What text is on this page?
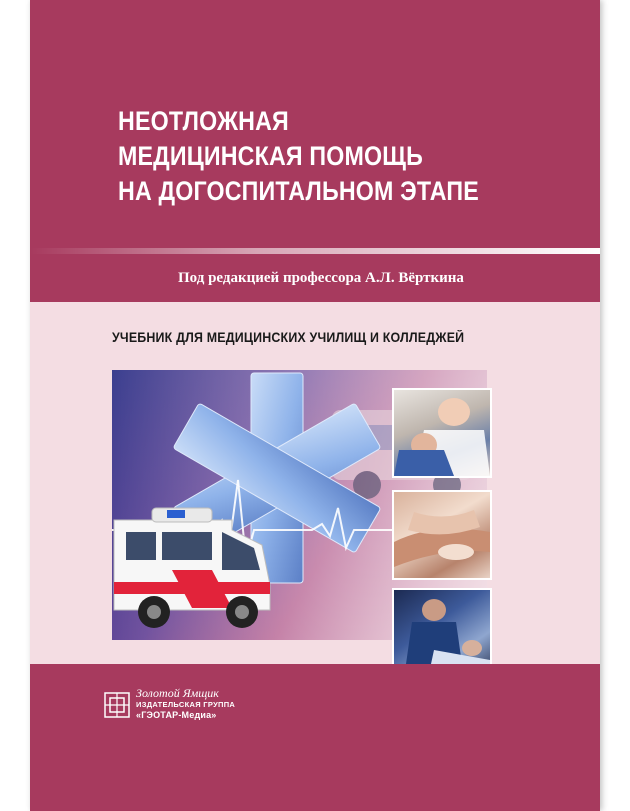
НЕОТЛОЖНАЯ
МЕДИЦИНСКАЯ ПОМОЩЬ
НА ДОГОСПИТАЛЬНОМ ЭТАПЕ
Под редакцией профессора А.Л. Вёрткина
УЧЕБНИК ДЛЯ МЕДИЦИНСКИХ УЧИЛИЩ И КОЛЛЕДЖЕЙ
Золотой Ямщик
ИЗДАТЕЛЬСКАЯ ГРУППА
«ГЭОТАР-Медиа»
